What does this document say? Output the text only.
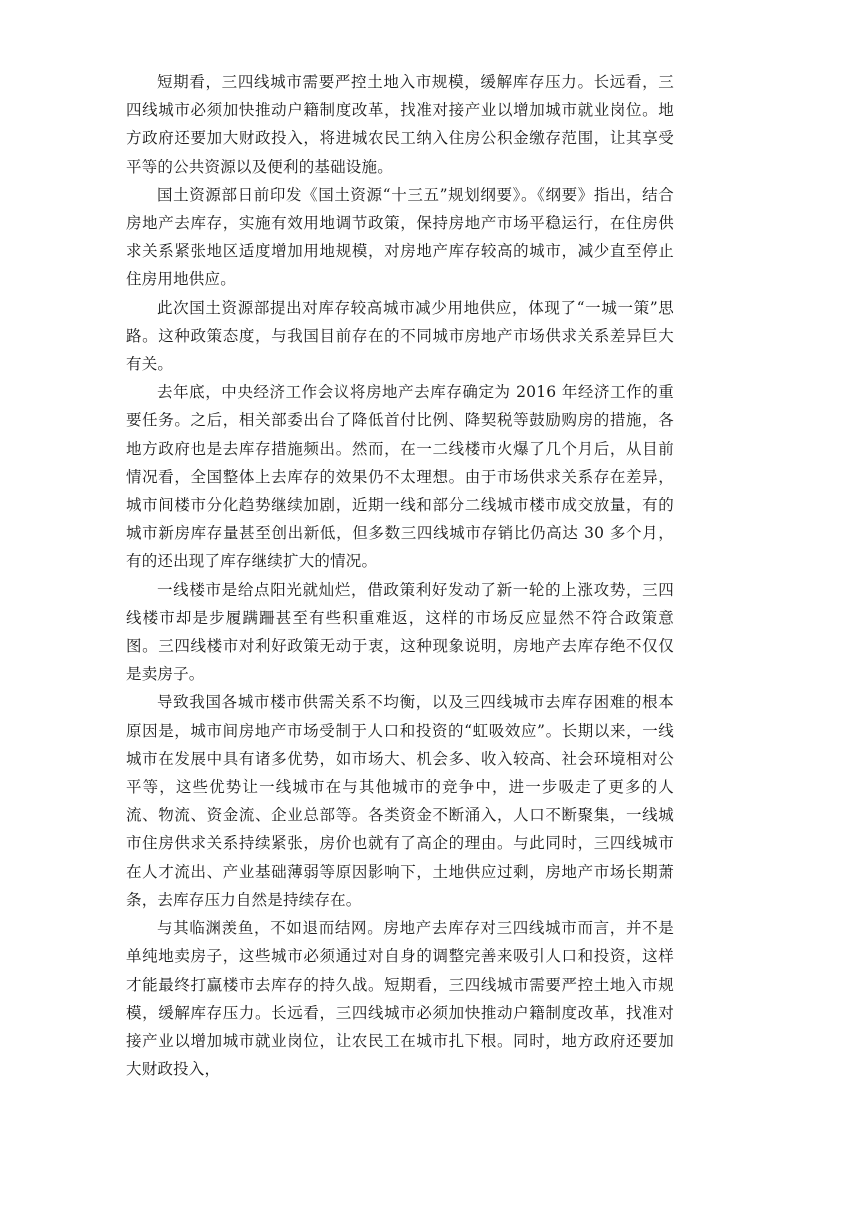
短期看，三四线城市需要严控土地入市规模，缓解库存压力。长远看，三四线城市必须加快推动户籍制度改革，找准对接产业以增加城市就业岗位。地方政府还要加大财政投入，将进城农民工纳入住房公积金缴存范围，让其享受平等的公共资源以及便利的基础设施。

国土资源部日前印发《国土资源“十三五”规划纲要》。《纲要》指出，结合房地产去库存，实施有效用地调节政策，保持房地产市场平稳运行，在住房供求关系紧张地区适度增加用地规模，对房地产库存较高的城市，减少直至停止住房用地供应。

此次国土资源部提出对库存较高城市减少用地供应，体现了“一城一策”思路。这种政策态度，与我国目前存在的不同城市房地产市场供求关系差异巨大有关。

去年底，中央经济工作会议将房地产去库存确定为 2016 年经济工作的重要任务。之后，相关部委出台了降低首付比例、降契税等鼓励购房的措施，各地方政府也是去库存措施频出。然而，在一二线楼市火爆了几个月后，从目前情况看，全国整体上去库存的效果仍不太理想。由于市场供求关系存在差异，城市间楼市分化趋势继续加剧，近期一线和部分二线城市楼市成交放量，有的城市新房库存量甚至创出新低，但多数三四线城市存销比仍高达 30 多个月，有的还出现了库存继续扩大的情况。

一线楼市是给点阳光就灿烂，借政策利好发动了新一轮的上涨攻势，三四线楼市却是步履蹒跚甚至有些积重难返，这样的市场反应显然不符合政策意图。三四线楼市对利好政策无动于衷，这种现象说明，房地产去库存绝不仅仅是卖房子。

导致我国各城市楼市供需关系不均衡，以及三四线城市去库存困难的根本原因是，城市间房地产市场受制于人口和投资的“虹吸效应”。长期以来，一线城市在发展中具有诸多优势，如市场大、机会多、收入较高、社会环境相对公平等，这些优势让一线城市在与其他城市的竞争中，进一步吸走了更多的人流、物流、资金流、企业总部等。各类资金不断涌入，人口不断聚集，一线城市住房供求关系持续紧张，房价也就有了高企的理由。与此同时，三四线城市在人才流出、产业基础薄弱等原因影响下，土地供应过剩，房地产市场长期萧条，去库存压力自然是持续存在。

与其临渊羡鱼，不如退而结网。房地产去库存对三四线城市而言，并不是单纯地卖房子，这些城市必须通过对自身的调整完善来吸引人口和投资，这样才能最终打赢楼市去库存的持久战。短期看，三四线城市需要严控土地入市规模，缓解库存压力。长远看，三四线城市必须加快推动户籍制度改革，找准对接产业以增加城市就业岗位，让农民工在城市扎下根。同时，地方政府还要加大财政投入，
